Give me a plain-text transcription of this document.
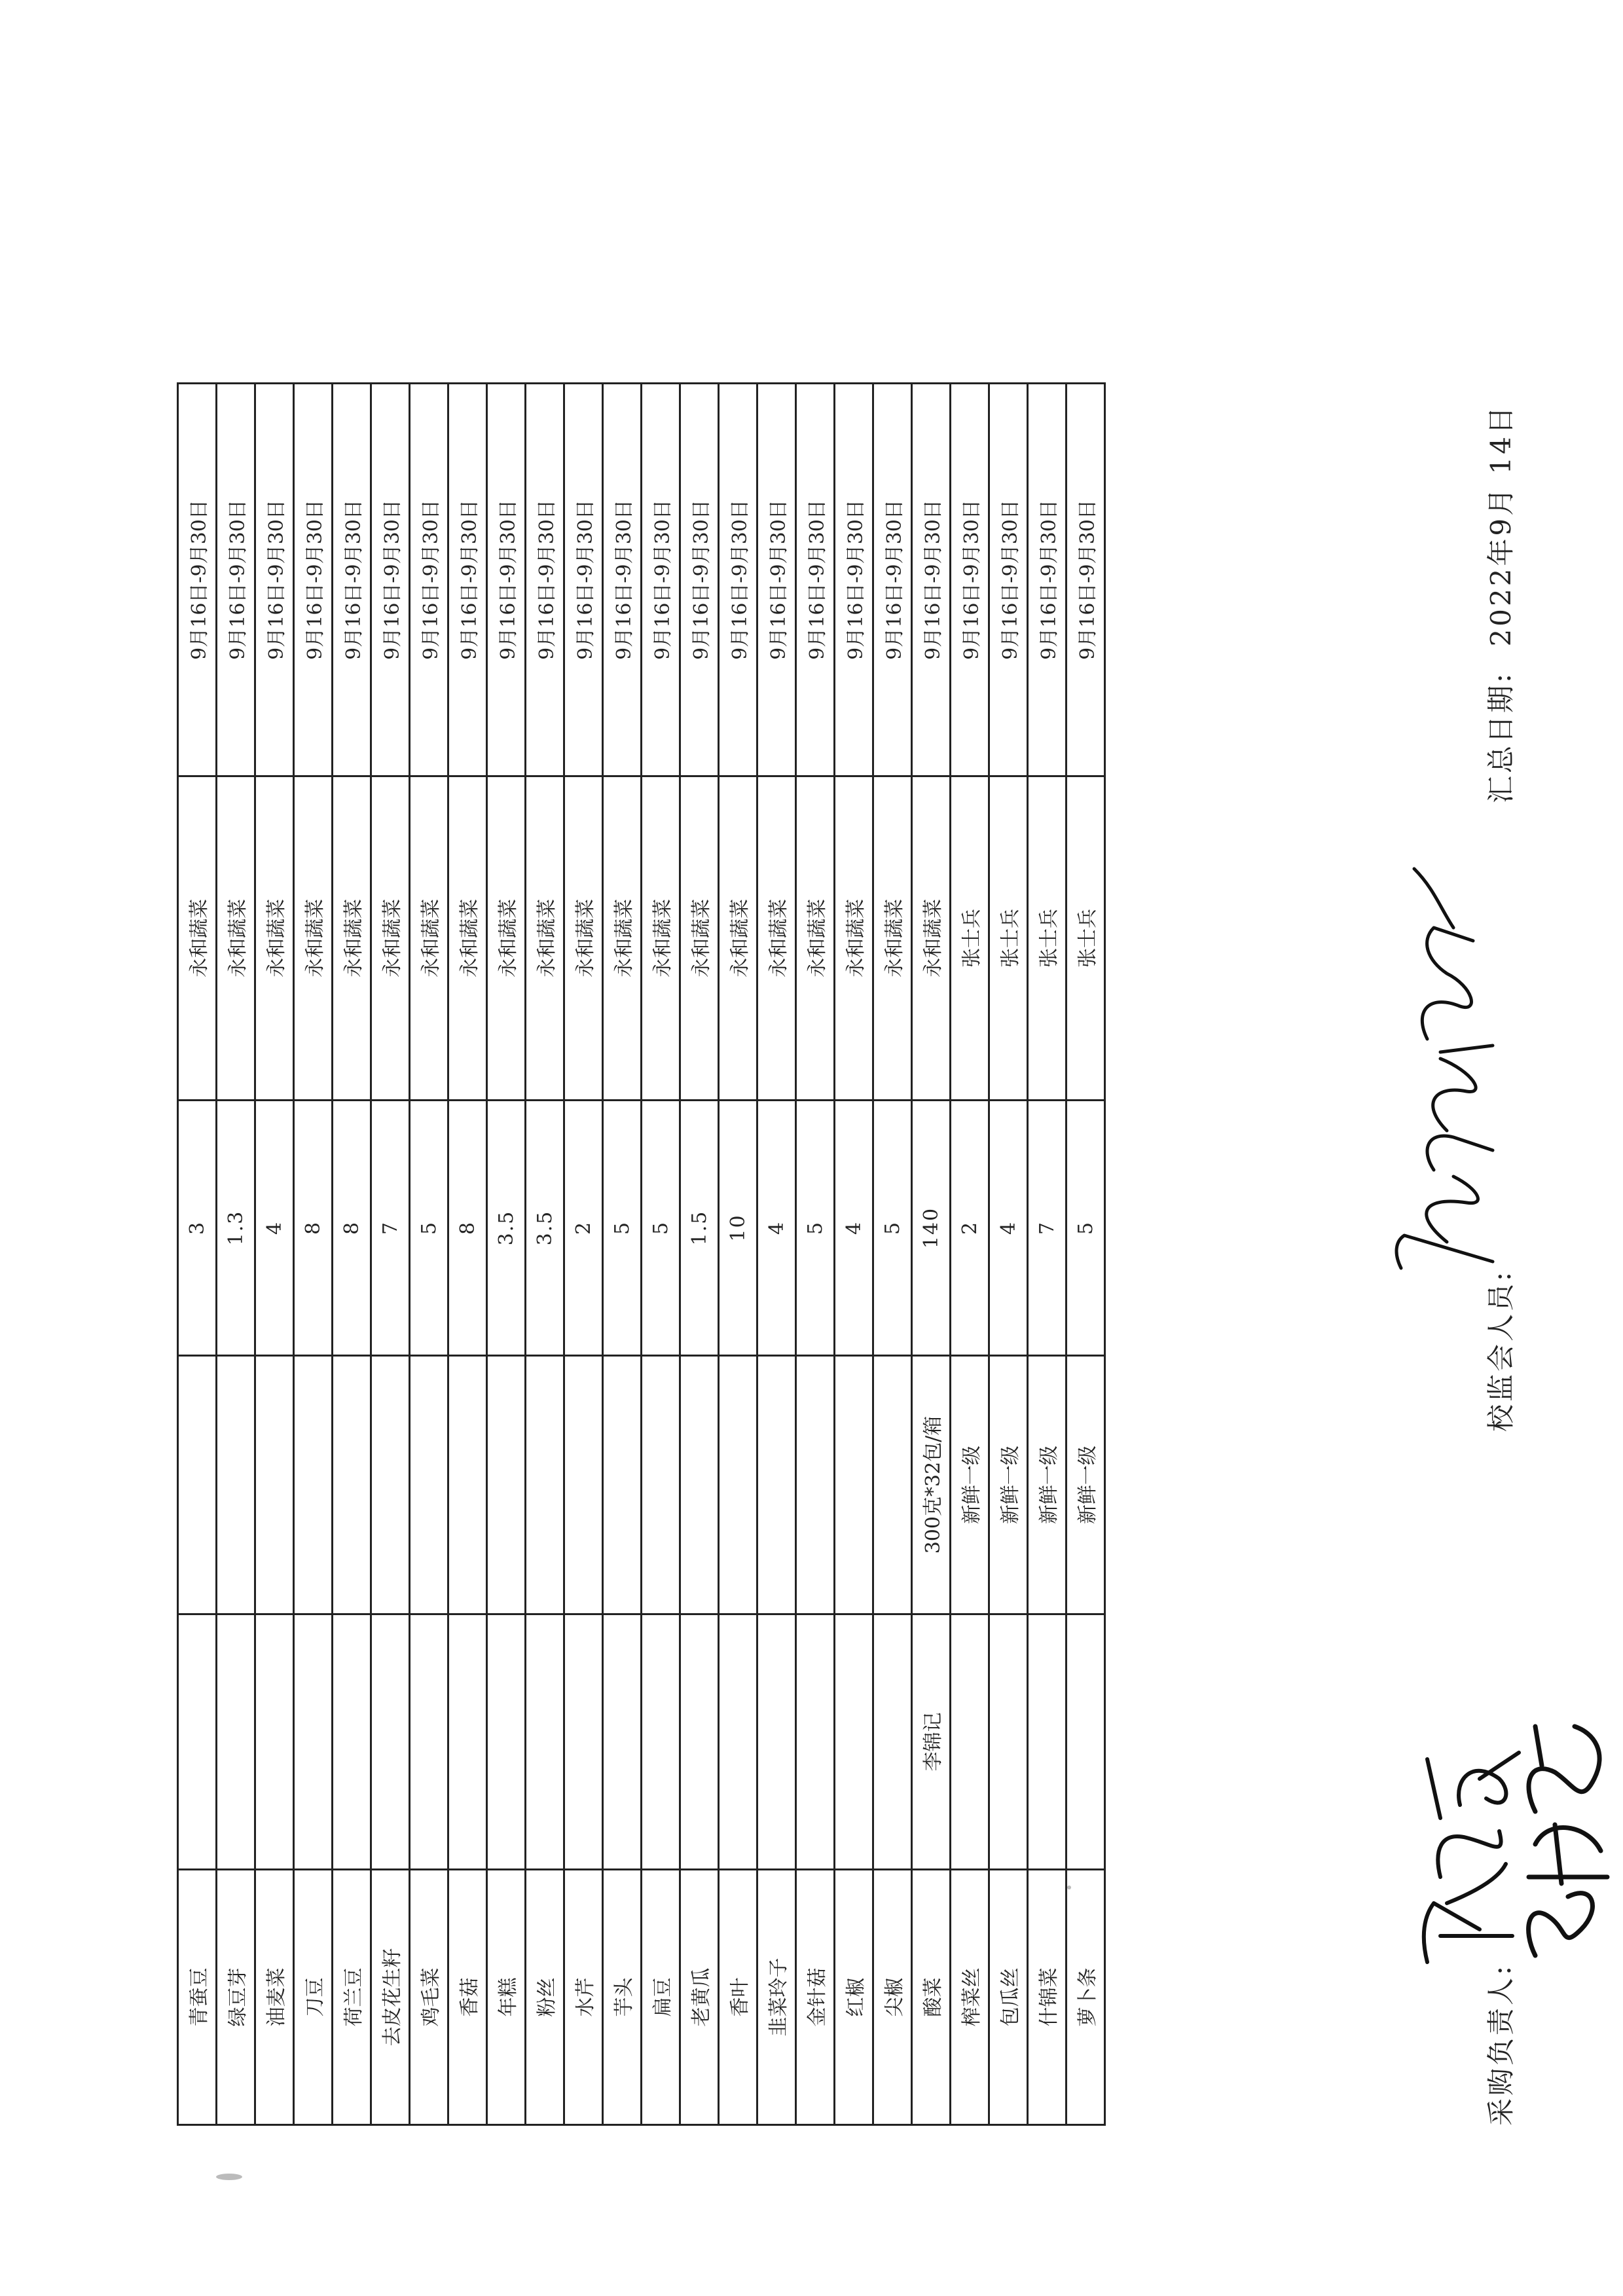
青蚕豆			3	永和蔬菜	9月16日-9月30日
绿豆芽			1.3	永和蔬菜	9月16日-9月30日
油麦菜			4	永和蔬菜	9月16日-9月30日
刀豆			8	永和蔬菜	9月16日-9月30日
荷兰豆			8	永和蔬菜	9月16日-9月30日
去皮花生籽			7	永和蔬菜	9月16日-9月30日
鸡毛菜			5	永和蔬菜	9月16日-9月30日
香菇			8	永和蔬菜	9月16日-9月30日
年糕			3.5	永和蔬菜	9月16日-9月30日
粉丝			3.5	永和蔬菜	9月16日-9月30日
水芹			2	永和蔬菜	9月16日-9月30日
芋头			5	永和蔬菜	9月16日-9月30日
扁豆			5	永和蔬菜	9月16日-9月30日
老黄瓜			1.5	永和蔬菜	9月16日-9月30日
香叶			10	永和蔬菜	9月16日-9月30日
韭菜玲子			4	永和蔬菜	9月16日-9月30日
金针菇			5	永和蔬菜	9月16日-9月30日
红椒			4	永和蔬菜	9月16日-9月30日
尖椒			5	永和蔬菜	9月16日-9月30日
酸菜	李锦记	300克*32包/箱	140	永和蔬菜	9月16日-9月30日
榨菜丝		新鲜一级	2	张士兵	9月16日-9月30日
包瓜丝		新鲜一级	4	张士兵	9月16日-9月30日
什锦菜		新鲜一级	7	张士兵	9月16日-9月30日
萝卜条		新鲜一级	5	张士兵	9月16日-9月30日
采购负责人:
校监会人员:
汇总日期: 2022年9月 14日
